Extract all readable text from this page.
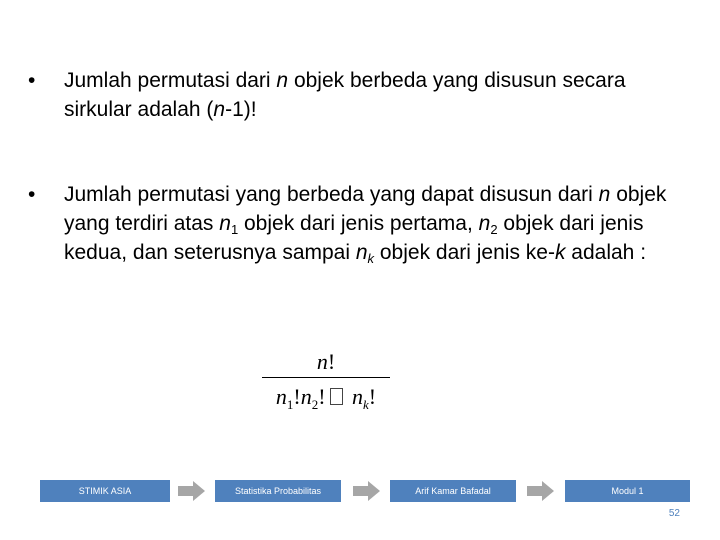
• Jumlah permutasi dari n objek berbeda yang disusun secara sirkular adalah (n-1)!
• Jumlah permutasi yang berbeda yang dapat disusun dari n objek yang terdiri atas $n_1$ objek dari jenis pertama, $n_2$ objek dari jenis kedua, dan seterusnya sampai $n_k$ objek dari jenis ke-k adalah :
n!
$n_1!n_2$! $n_k$!
STIMIK ASIA	Statistika Probabilitas	Arif Kamar Bafadal	Modul 1
52
